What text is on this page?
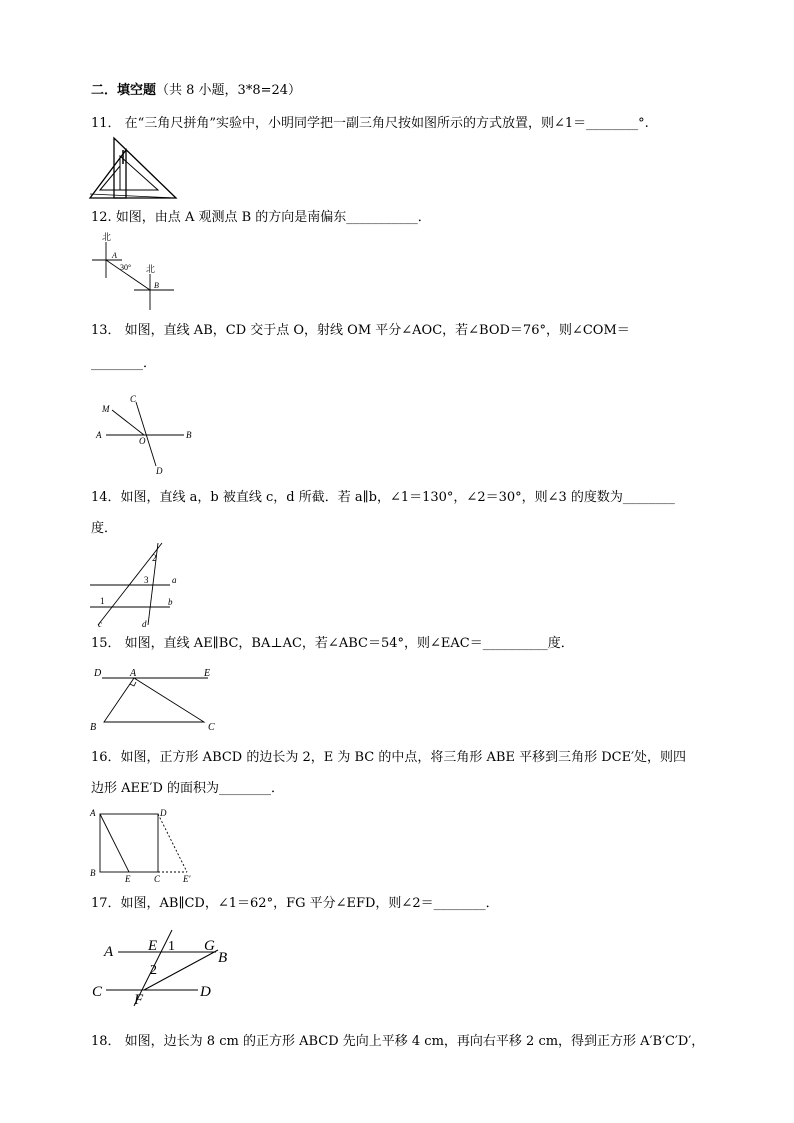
二．填空题（共 8 小题，3*8=24）
11． 在“三角尺拼角”实验中，小明同学把一副三角尺按如图所示的方式放置，则∠1＝________°.
12. 如图，由点 A 观测点 B 的方向是南偏东___________．
北
北
A
30°
B
13． 如图，直线 AB，CD 交于点 O，射线 OM 平分∠AOC，若∠BOD＝76°，则∠COM＝
________．
M
C
A
O
B
D
14．如图，直线 a，b 被直线 c，d 所截．若 a∥b，∠1＝130°，∠2＝30°，则∠3 的度数为________
度．
2
3
1
a
b
c	d
15． 如图，直线 AE∥BC，BA⊥AC，若∠ABC＝54°，则∠EAC＝__________度．
D	A	E
B	C
16．如图，正方形 ABCD 的边长为 2，E 为 BC 的中点，将三角形 ABE 平移到三角形 DCE′处，则四
边形 AEE′D 的面积为________．
A	D
B
E	C	E′
17．如图，AB∥CD，∠1＝62°，FG 平分∠EFD，则∠2＝________．
A E 1 G
B
2
C F	D
18． 如图，边长为 8 cm 的正方形 ABCD 先向上平移 4 cm，再向右平移 2 cm，得到正方形 A′B′C′D′，
